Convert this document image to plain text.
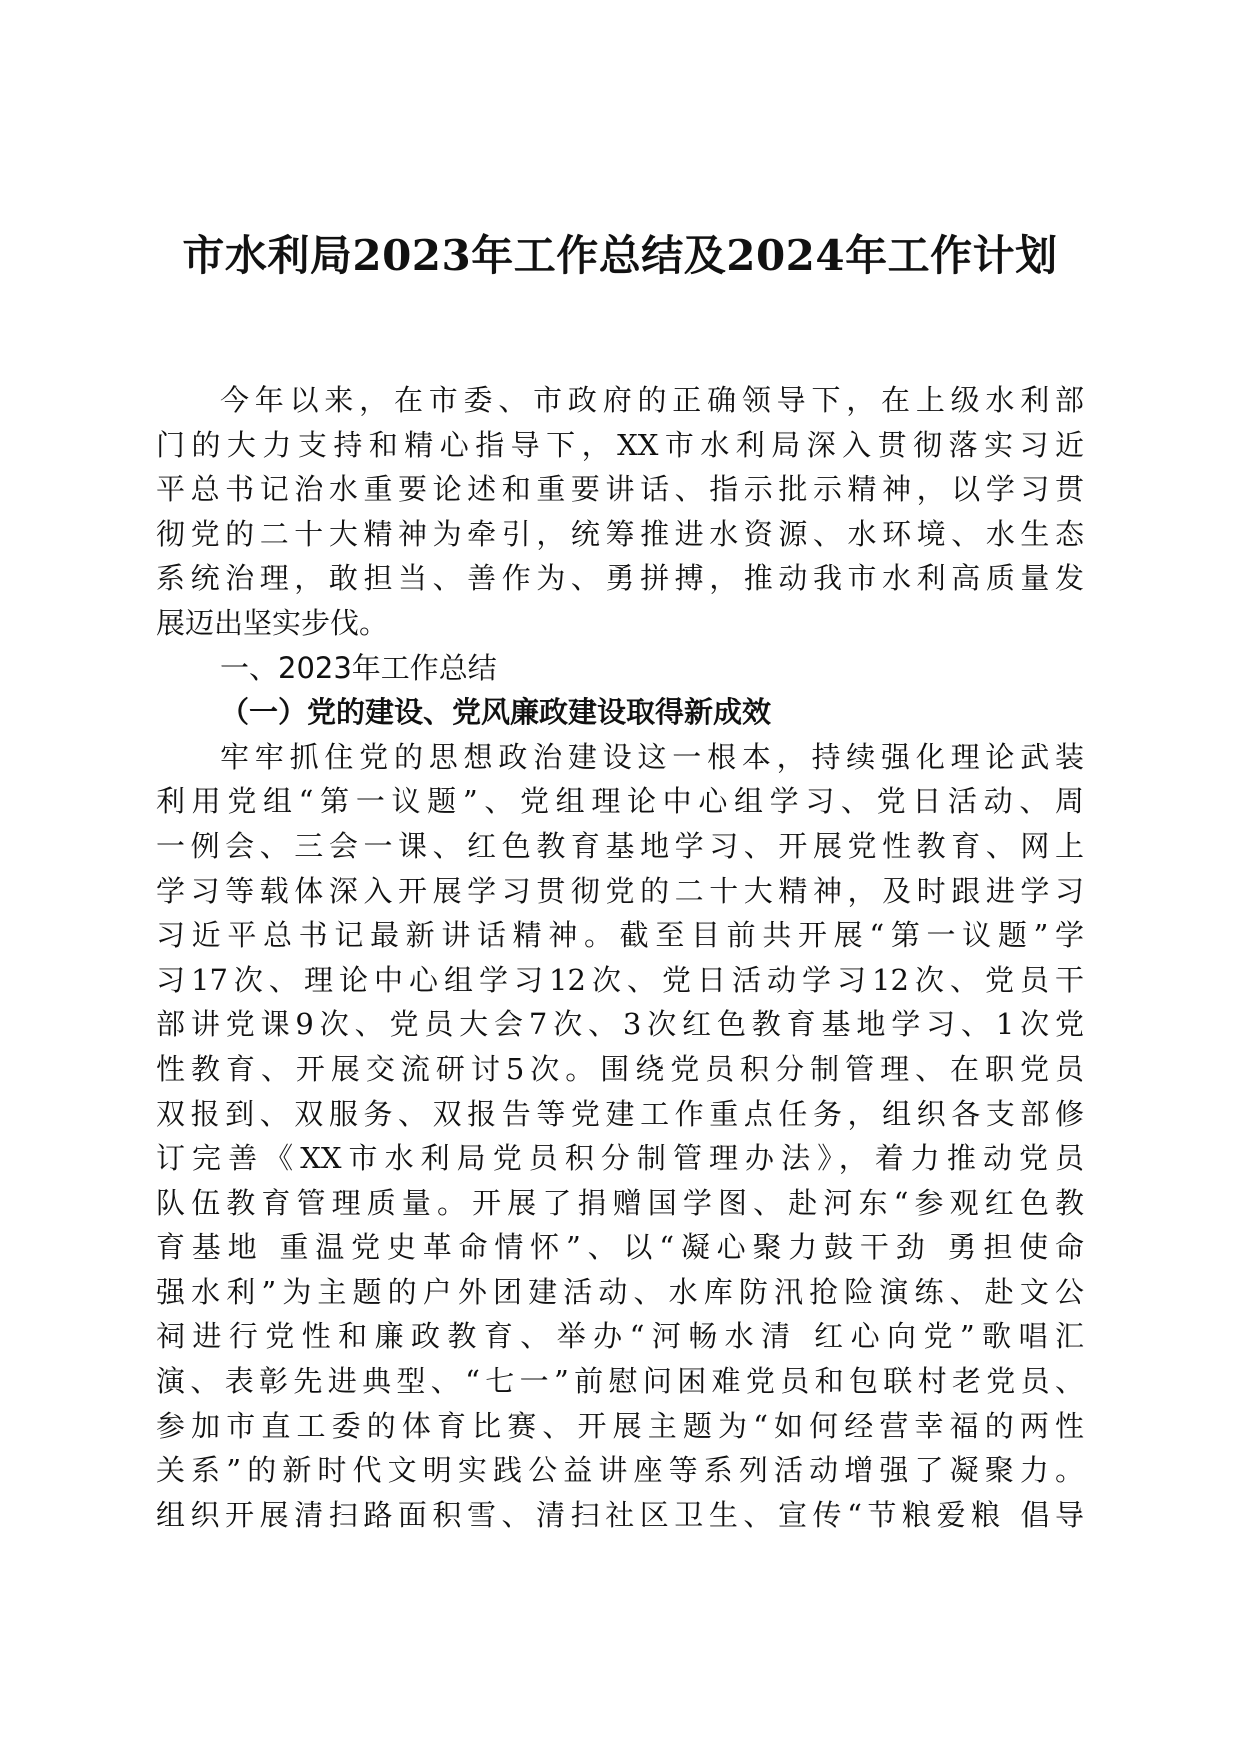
市水利局2023年工作总结及2024年工作计划
今年以来，在市委、市政府的正确领导下，在上级水利部
门的大力支持和精心指导下，XX市水利局深入贯彻落实习近
平总书记治水重要论述和重要讲话、指示批示精神，以学习贯
彻党的二十大精神为牵引，统筹推进水资源、水环境、水生态
系统治理，敢担当、善作为、勇拼搏，推动我市水利高质量发
展迈出坚实步伐。
一、2023年工作总结
（一）党的建设、党风廉政建设取得新成效
牢牢抓住党的思想政治建设这一根本，持续强化理论武装
利用党组“第一议题”、党组理论中心组学习、党日活动、周
一例会、三会一课、红色教育基地学习、开展党性教育、网上
学习等载体深入开展学习贯彻党的二十大精神，及时跟进学习
习近平总书记最新讲话精神。截至目前共开展“第一议题”学
习17次、理论中心组学习12次、党日活动学习12次、党员干
部讲党课9次、党员大会7次、3次红色教育基地学习、1次党
性教育、开展交流研讨5次。围绕党员积分制管理、在职党员
双报到、双服务、双报告等党建工作重点任务，组织各支部修
订完善《XX市水利局党员积分制管理办法》，着力推动党员
队伍教育管理质量。开展了捐赠国学图、赴河东“参观红色教
育基地 重温党史革命情怀”、以“凝心聚力鼓干劲 勇担使命
强水利”为主题的户外团建活动、水库防汛抢险演练、赴文公
祠进行党性和廉政教育、举办“河畅水清 红心向党”歌唱汇
演、表彰先进典型、“七一”前慰问困难党员和包联村老党员、
参加市直工委的体育比赛、开展主题为“如何经营幸福的两性
关系”的新时代文明实践公益讲座等系列活动增强了凝聚力。
组织开展清扫路面积雪、清扫社区卫生、宣传“节粮爱粮 倡导
